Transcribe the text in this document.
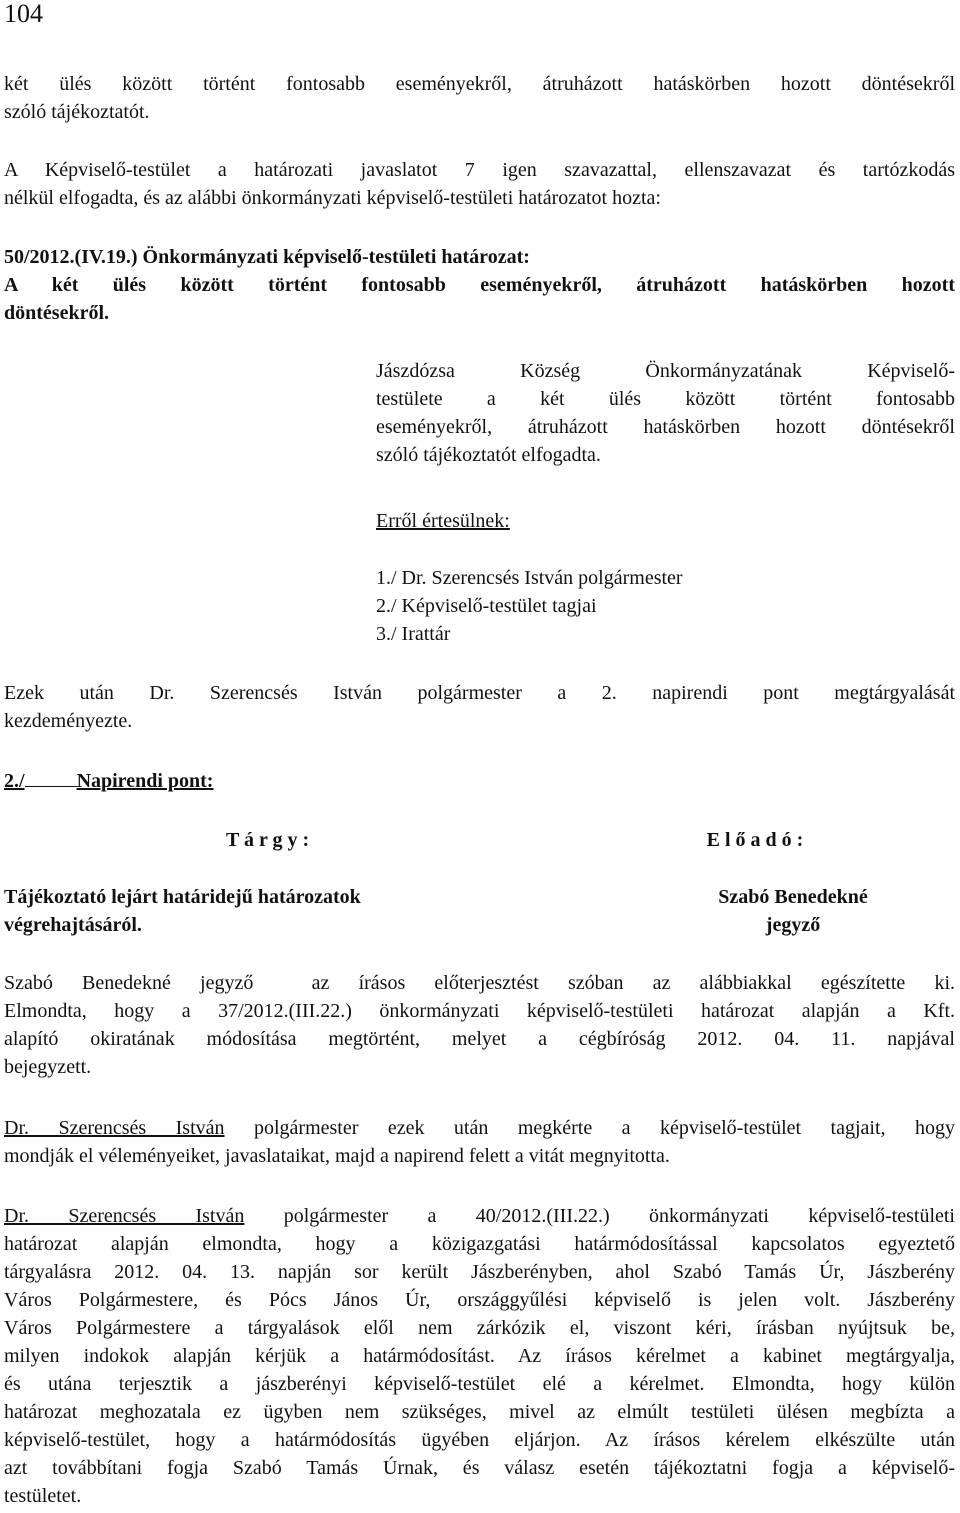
104
két ülés között történt fontosabb eseményekről, átruházott hatáskörben hozott döntésekről
szóló tájékoztatót.
A Képviselő-testület a határozati javaslatot 7 igen szavazattal, ellenszavazat és tartózkodás
nélkül elfogadta, és az alábbi önkormányzati képviselő-testületi határozatot hozta:
50/2012.(IV.19.) Önkormányzati képviselő-testületi határozat:
A két ülés között történt fontosabb eseményekről, átruházott hatáskörben hozott
döntésekről.
Jászdózsa Község Önkormányzatának Képviselő-
testülete a két ülés között történt fontosabb
eseményekről, átruházott hatáskörben hozott döntésekről
szóló tájékoztatót elfogadta.
Erről értesülnek:
1./ Dr. Szerencsés István polgármester
2./ Képviselő-testület tagjai
3./ Irattár
Ezek után Dr. Szerencsés István polgármester a 2. napirendi pont megtárgyalását
kezdeményezte.
2./	Napirendi pont:
T á r g y :	E l ő a d ó :
Tájékoztató lejárt határidejű határozatok
végrehajtásáról.
Szabó Benedekné
jegyző
Szabó Benedekné jegyző  az írásos előterjesztést szóban az alábbiakkal egészítette ki.
Elmondta, hogy a 37/2012.(III.22.) önkormányzati képviselő-testületi határozat alapján a Kft.
alapító okiratának módosítása megtörtént, melyet a cégbíróság 2012. 04. 11. napjával
bejegyzett.
Dr. Szerencsés István polgármester ezek után megkérte a képviselő-testület tagjait, hogy
mondják el véleményeiket, javaslataikat, majd a napirend felett a vitát megnyitotta.
Dr. Szerencsés István polgármester a 40/2012.(III.22.) önkormányzati képviselő-testületi
határozat alapján elmondta, hogy a közigazgatási határmódosítással kapcsolatos egyeztető
tárgyalásra 2012. 04. 13. napján sor került Jászberényben, ahol Szabó Tamás Úr, Jászberény
Város Polgármestere, és Pócs János Úr, országgyűlési képviselő is jelen volt. Jászberény
Város Polgármestere a tárgyalások elől nem zárkózik el, viszont kéri, írásban nyújtsuk be,
milyen indokok alapján kérjük a határmódosítást. Az írásos kérelmet a kabinet megtárgyalja,
és utána terjesztik a jászberényi képviselő-testület elé a kérelmet. Elmondta, hogy külön
határozat meghozatala ez ügyben nem szükséges, mivel az elmúlt testületi ülésen megbízta a
képviselő-testület, hogy a határmódosítás ügyében eljárjon. Az írásos kérelem elkészülte után
azt továbbítani fogja Szabó Tamás Úrnak, és válasz esetén tájékoztatni fogja a képviselő-
testületet.
